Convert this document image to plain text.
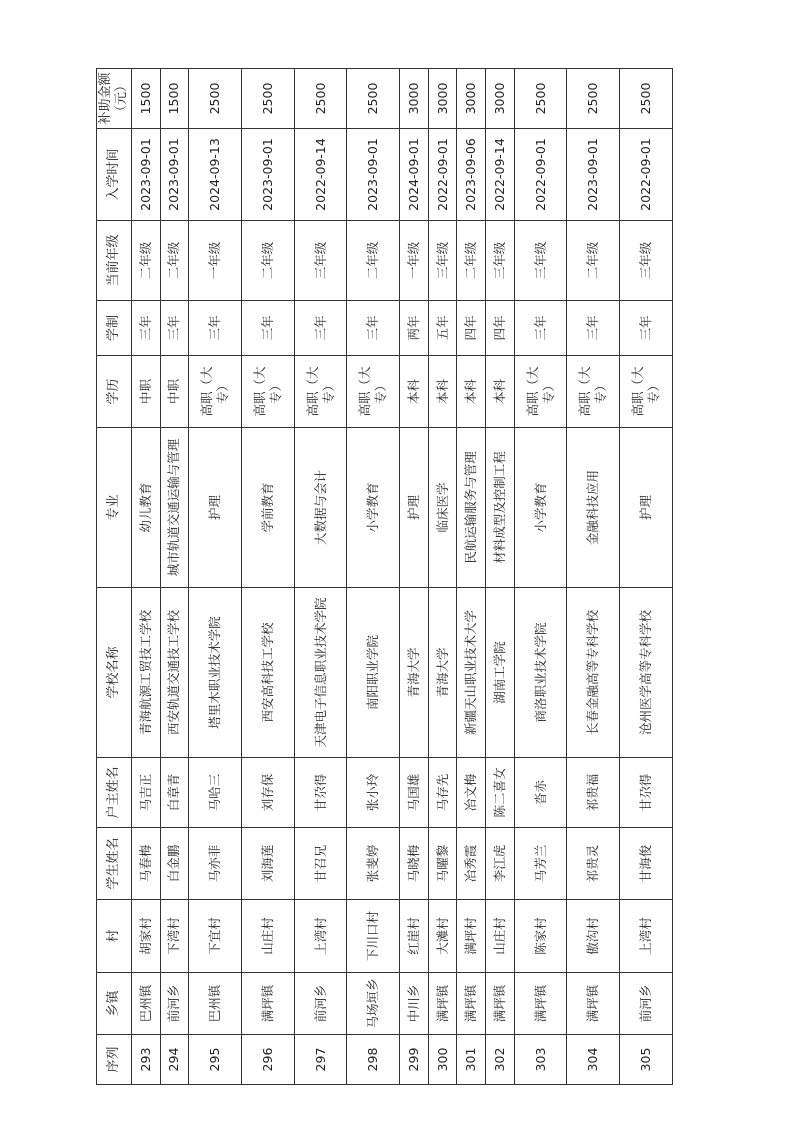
序列	乡镇	村	学生姓名	户主姓名	学校名称	专业	学历	学制	当前年级	入学时间	补助金额（元）
293	巴州镇	胡家村	马春梅	马吉正	青海航源工贸技工学校	幼儿教育	中职	三年	二年级	2023-09-01	1500
294	前河乡	下湾村	白金鹏	白章青	西安轨道交通技工学校	城市轨道交通运输与管理	中职	三年	二年级	2023-09-01	1500
295	巴州镇	下宜村	马亦菲	马哈三	塔里木职业技术学院	护理	高职（大专）	三年	一年级	2024-09-13	2500
296	满坪镇	山庄村	刘海莲	刘存保	西安高科技工学校	学前教育	高职（大专）	三年	二年级	2023-09-01	2500
297	前河乡	上湾村	甘召兄	甘尕得	天津电子信息职业技术学院	大数据与会计	高职（大专）	三年	三年级	2022-09-14	2500
298	马场垣乡	下川口村	张斐婷	张小玲	南阳职业学院	小学教育	高职（大专）	三年	二年级	2023-09-01	2500
299	中川乡	红崖村	马晓梅	马国雄	青海大学	护理	本科	两年	一年级	2024-09-01	3000
300	满坪镇	大滩村	马曜黎	马存先	青海大学	临床医学	本科	五年	三年级	2022-09-01	3000
301	满坪镇	满坪村	冶秀霞	冶文梅	新疆天山职业技术大学	民航运输服务与管理	本科	四年	二年级	2023-09-06	3000
302	满坪镇	山庄村	李江虎	陈二喜女	湖南工学院	材料成型及控制工程	本科	四年	三年级	2022-09-14	3000
303	满坪镇	陈家村	马芳兰	沓赤	商洛职业技术学院	小学教育	高职（大专）	三年	三年级	2022-09-01	2500
304	满坪镇	傲沟村	祁贵灵	祁贵福	长春金融高等专科学校	金融科技应用	高职（大专）	三年	二年级	2023-09-01	2500
305	前河乡	上湾村	甘海俊	甘尕得	沧州医学高等专科学校	护理	高职（大专）	三年	三年级	2022-09-01	2500
